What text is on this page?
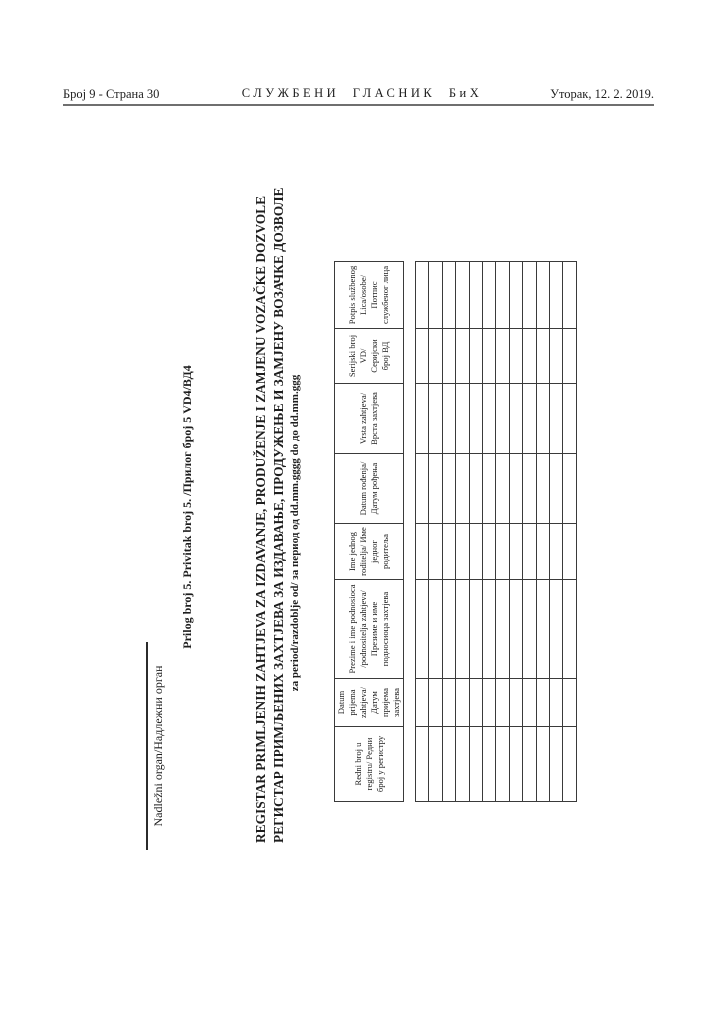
Број 9 - Страна 30	СЛУЖБЕНИ ГЛАСНИК БиХ	Уторак, 12. 2. 2019.
Nadležni organ/Надлежни орган
Prilog broj 5. Privitak broj 5. /Прилог број 5 VD4/ВД4	REGISTAR PRIMLJENIH ZAHTJEVA ZA IZDAVANJE, PRODUŽENJE I ZAMJENU VOZAČKE DOZVOLE РЕГИСТАР ПРИМЉЕНИХ ЗАХТЈЕВА ЗА ИЗДАВАЊЕ, ПРОДУЖЕЊЕ И ЗАМЈЕНУ ВОЗАЧКЕ ДОЗВОЛЕ za period/razdoblje od/ за период од dd.mm.gggg do до dd.mm.ggg
Redni broj u registru/ Редни број у регистру	Datum prijema zahtjeva/ Датум пријема захтјева	Prezime i ime podnosioca /podnositelja zahtjeva/ Презиме и име подносиоца захтјева	Ime jednog roditelja/ Име једног родитеља	Datum rođenja/ Датум рођења	Vrsta zahtjeva/ Врста захтјева	Serijski broj VD/ Серијски број ВД	Potpis službenog Lica/osobe/ Потпис службеног лица
